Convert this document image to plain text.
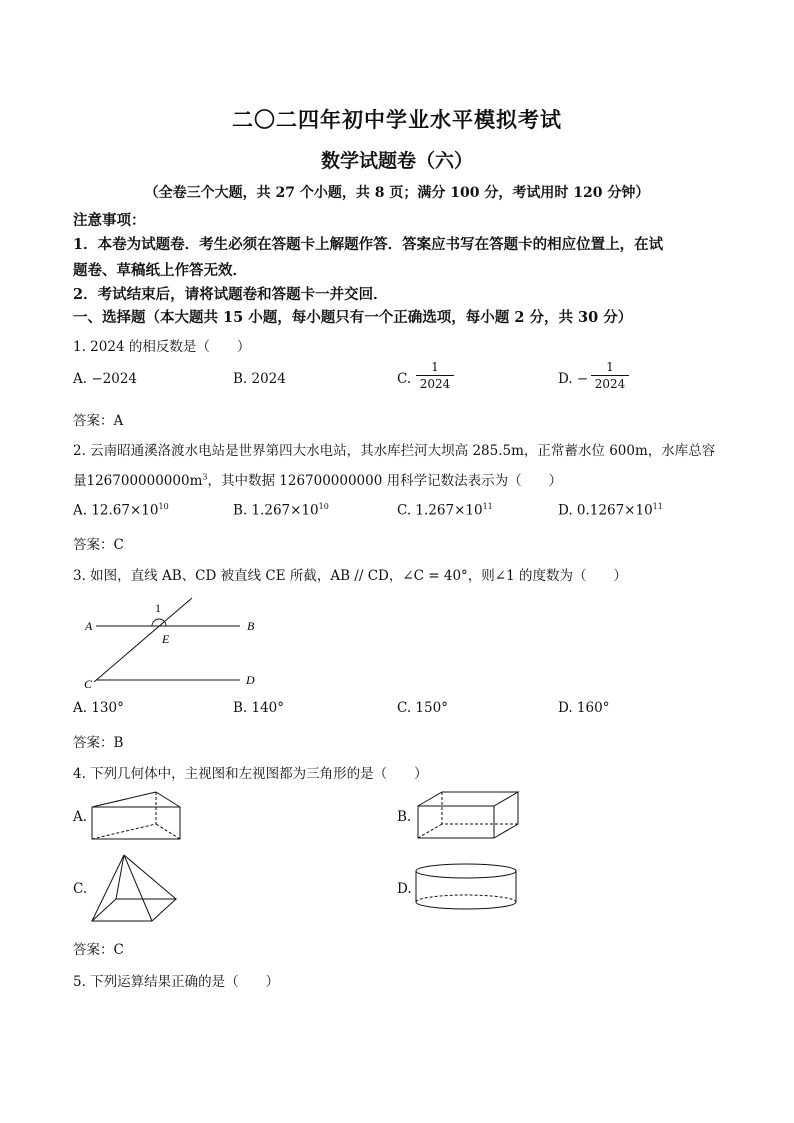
二〇二四年初中学业水平模拟考试
数学试题卷（六）
（全卷三个大题，共 27 个小题，共 8 页；满分 100 分，考试用时 120 分钟）
注意事项：
1．本卷为试题卷．考生必须在答题卡上解题作答．答案应书写在答题卡的相应位置上，在试
题卷、草稿纸上作答无效．
2．考试结束后，请将试题卷和答题卡一并交回．
一、选择题（本大题共 15 小题，每小题只有一个正确选项，每小题 2 分，共 30 分）
1. 2024 的相反数是（　　）
A. −2024	B. 2024	C.
1
2024	D. −
1
2024
答案：A
2. 云南昭通溪洛渡水电站是世界第四大水电站，其水库拦河大坝高 285.5m，正常蓄水位 600m，水库总容
量$126700000000m^3$，其中数据 126700000000 用科学记数法表示为（　　）
A. $12.67\times 10^{10}$	B. $1.267\times 10^{10}$	C. $1.267\times 10^{11}$	D. $0.1267\times 10^{11}$
答案：C
3. 如图，直线 AB、CD 被直线 CE 所截，AB // CD，∠C = 40°，则∠1 的度数为（　　）
A	B
C	D
E
1
A. 130°	B. 140°	C. 150°	D. 160°
答案：B
4. 下列几何体中，主视图和左视图都为三角形的是（　　）
A.	B.
C.	D.
答案：C
5. 下列运算结果正确的是（　　）
